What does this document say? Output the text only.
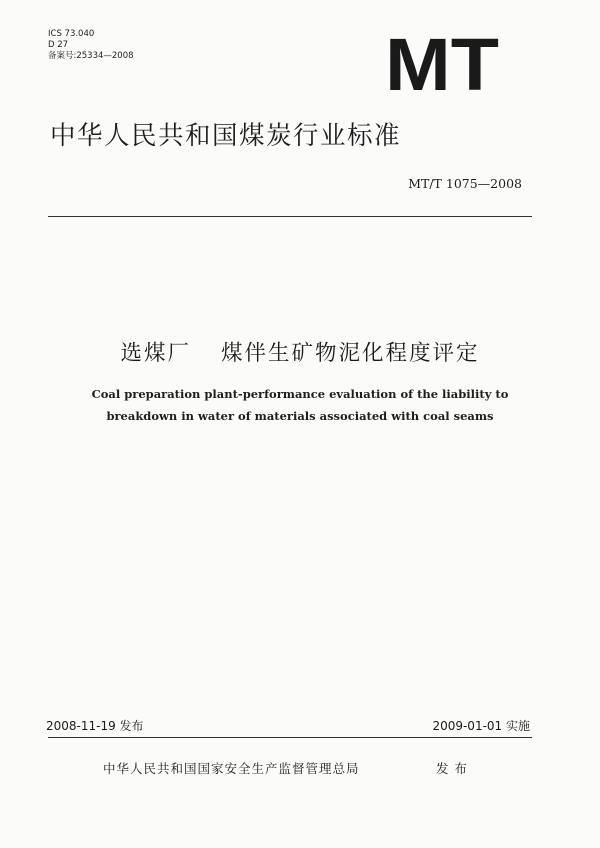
ICS 73.040
D 27
备案号:25334—2008	MT
中华人民共和国煤炭行业标准
MT/T 1075—2008
选煤厂 煤伴生矿物泥化程度评定
Coal preparation plant-performance evaluation of the liability to
breakdown in water of materials associated with coal seams
2008-11-19 发布	2009-01-01 实施
中华人民共和国国家安全生产监督管理总局	发布
